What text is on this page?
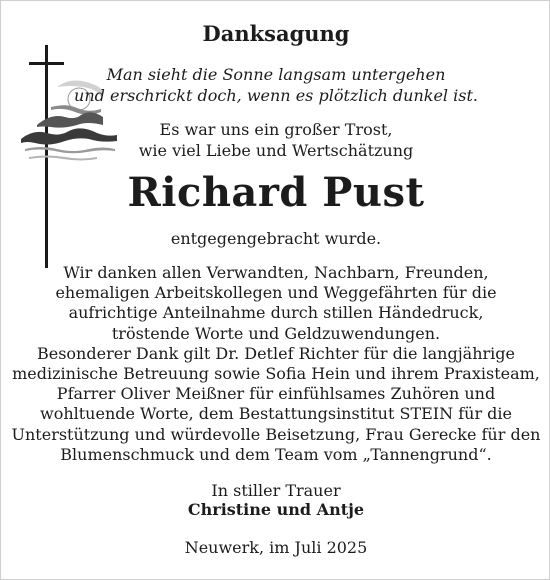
Danksagung
Man sieht die Sonne langsam untergehen
und erschrickt doch, wenn es plötzlich dunkel ist.
Es war uns ein großer Trost,
wie viel Liebe und Wertschätzung
Richard Pust
entgegengebracht wurde.
Wir danken allen Verwandten, Nachbarn, Freunden,
ehemaligen Arbeitskollegen und Weggefährten für die
aufrichtige Anteilnahme durch stillen Händedruck,
tröstende Worte und Geldzuwendungen.
Besonderer Dank gilt Dr. Detlef Richter für die langjährige
medizinische Betreuung sowie Sofia Hein und ihrem Praxisteam,
Pfarrer Oliver Meißner für einfühlsames Zuhören und
wohltuende Worte, dem Bestattungsinstitut STEIN für die
Unterstützung und würdevolle Beisetzung, Frau Gerecke für den
Blumenschmuck und dem Team vom „Tannengrund“.
In stiller Trauer
Christine und Antje
Neuwerk, im Juli 2025
